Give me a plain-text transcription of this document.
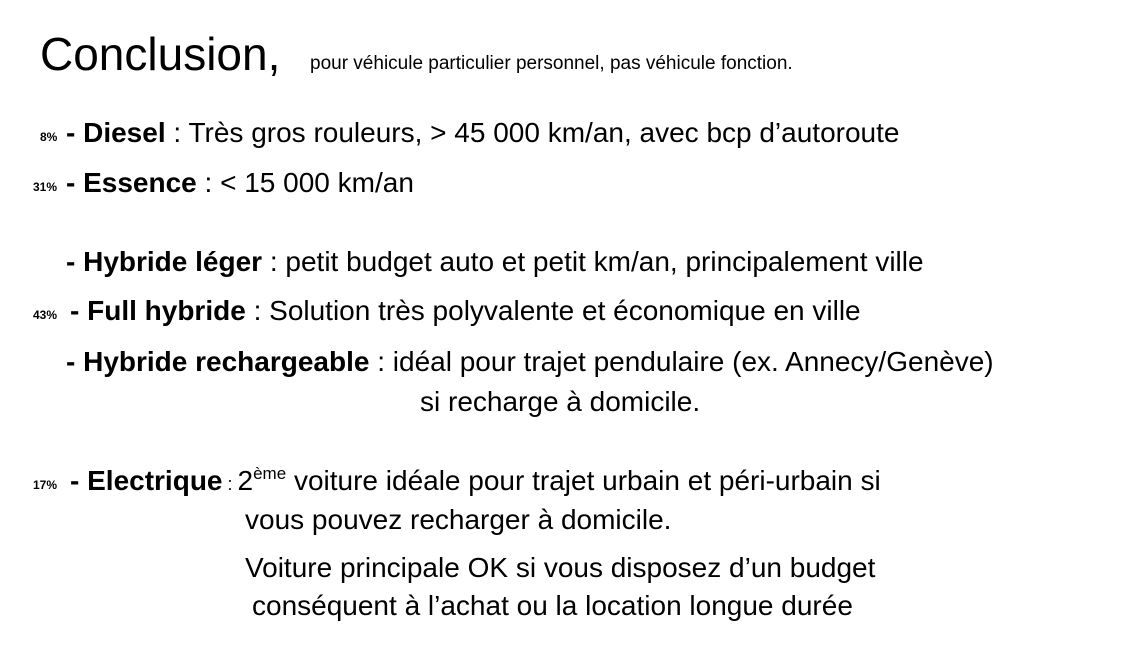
Conclusion, pour véhicule particulier personnel, pas véhicule fonction.
8% - Diesel : Très gros rouleurs, > 45 000 km/an, avec bcp d’autoroute
31% - Essence : < 15 000 km/an
- Hybride léger : petit budget auto et petit km/an, principalement ville
43% - Full hybride : Solution très polyvalente et économique en ville
- Hybride rechargeable : idéal pour trajet pendulaire (ex. Annecy/Genève)
si recharge à domicile.
17% - Electrique : 2ème voiture idéale pour trajet urbain et péri-urbain si
vous pouvez recharger à domicile.
Voiture principale OK si vous disposez d’un budget
conséquent à l’achat ou la location longue durée
